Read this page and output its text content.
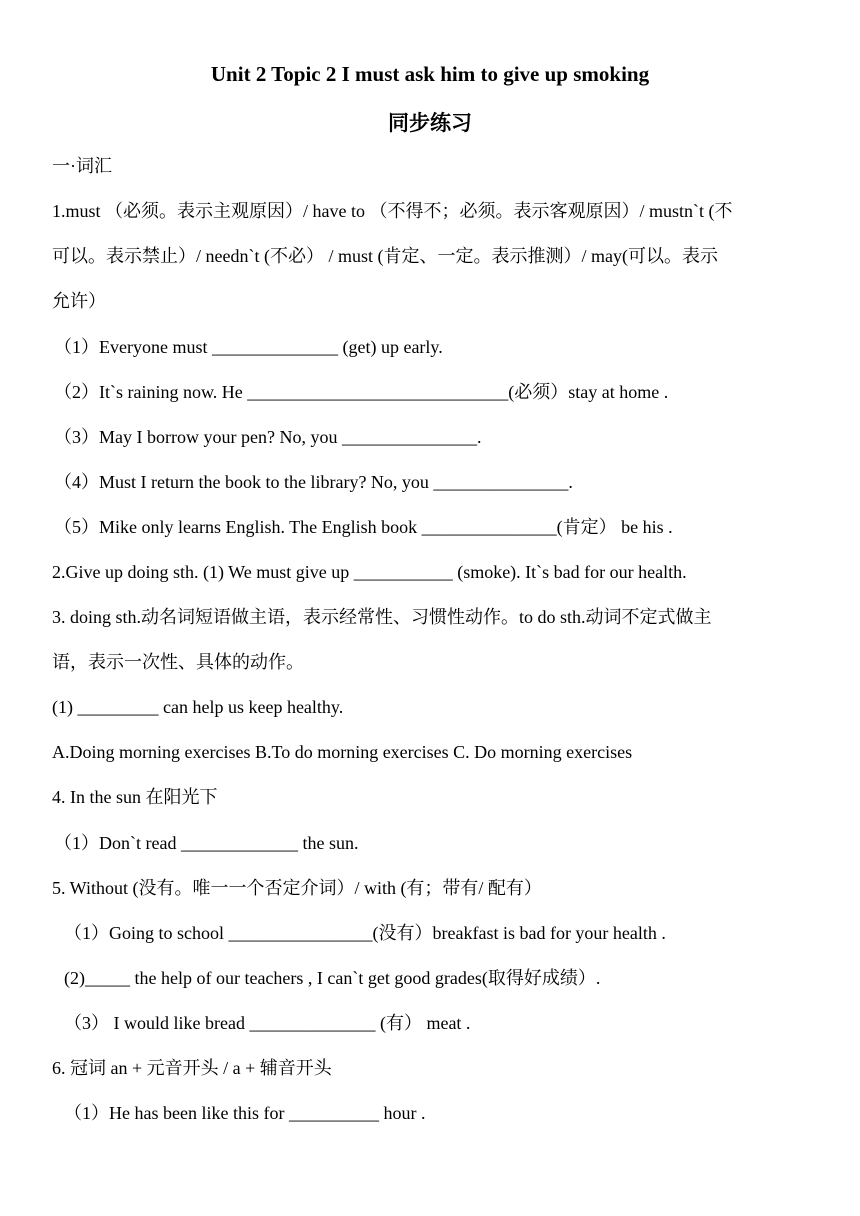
Unit 2 Topic 2 I must ask him to give up smoking
同步练习
一·词汇
1.must （必须。表示主观原因）/ have to （不得不；必须。表示客观原因）/ mustn`t (不
可以。表示禁止）/ needn`t (不必） / must (肯定、一定。表示推测）/ may(可以。表示
允许）
（1）Everyone must ______________ (get) up early.
（2）It`s raining now. He _____________________________(必须）stay at home .
（3）May I borrow your pen? No, you _______________.
（4）Must I return the book to the library? No, you _______________.
（5）Mike only learns English. The English book _______________(肯定） be his .
2.Give up doing sth. (1) We must give up ___________ (smoke). It`s bad for our health.
3. doing sth.动名词短语做主语，表示经常性、习惯性动作。to do sth.动词不定式做主
语，表示一次性、具体的动作。
(1) _________ can help us keep healthy.
A.Doing morning exercises B.To do morning exercises C. Do morning exercises
4. In the sun 在阳光下
（1）Don`t read _____________ the sun.
5. Without (没有。唯一一个否定介词）/ with (有；带有/ 配有）
（1）Going to school ________________(没有）breakfast is bad for your health .
(2)_____ the help of our teachers , I can`t get good grades(取得好成绩）.
（3） I would like bread ______________ (有） meat .
6. 冠词 an + 元音开头 / a + 辅音开头
（1）He has been like this for __________ hour .
